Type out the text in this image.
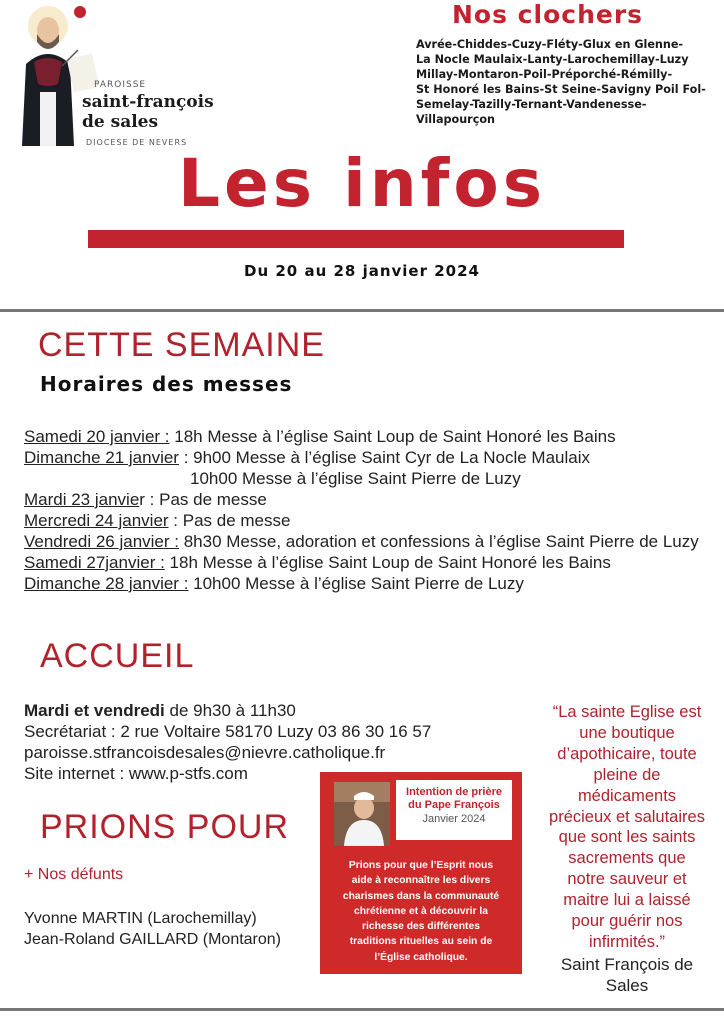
PAROISSE
saint-françois
de sales
DIOCESE DE NEVERS
Nos clochers
Avrée-Chiddes-Cuzy-Fléty-Glux en Glenne-
La Nocle Maulaix-Lanty-Larochemillay-Luzy
Millay-Montaron-Poil-Préporché-Rémilly-
St Honoré les Bains-St Seine-Savigny Poil Fol-
Semelay-Tazilly-Ternant-Vandenesse-
Villapourçon
Les infos
Du 20 au 28 janvier 2024
CETTE SEMAINE
Horaires des messes
Samedi 20 janvier : 18h Messe à l’église Saint Loup de Saint Honoré les Bains
Dimanche 21 janvier : 9h00 Messe à l’église Saint Cyr de La Nocle Maulaix
10h00 Messe à l’église Saint Pierre de Luzy
Mardi 23 janvier : Pas de messe
Mercredi 24 janvier : Pas de messe
Vendredi 26 janvier : 8h30 Messe, adoration et confessions à l’église Saint Pierre de Luzy
Samedi 27janvier : 18h Messe à l’église Saint Loup de Saint Honoré les Bains
Dimanche 28 janvier : 10h00 Messe à l’église Saint Pierre de Luzy
ACCUEIL
Mardi et vendredi de 9h30 à 11h30
Secrétariat : 2 rue Voltaire 58170 Luzy 03 86 30 16 57
paroisse.stfrancoisdesales@nievre.catholique.fr
Site internet : www.p-stfs.com
PRIONS POUR
+ Nos défunts
Yvonne MARTIN (Larochemillay)
Jean-Roland GAILLARD (Montaron)
Intention de prière
du Pape François
Janvier 2024
Prions pour que l’Esprit nous
aide à reconnaître les divers
charismes dans la communauté
chrétienne et à découvrir la
richesse des différentes
traditions rituelles au sein de
l’Église catholique.
“La sainte Eglise est
une boutique
d’apothicaire, toute
pleine de
médicaments
précieux et salutaires
que sont les saints
sacrements que
notre sauveur et
maitre lui a laissé
pour guérir nos
infirmités.”
Saint François de
Sales
